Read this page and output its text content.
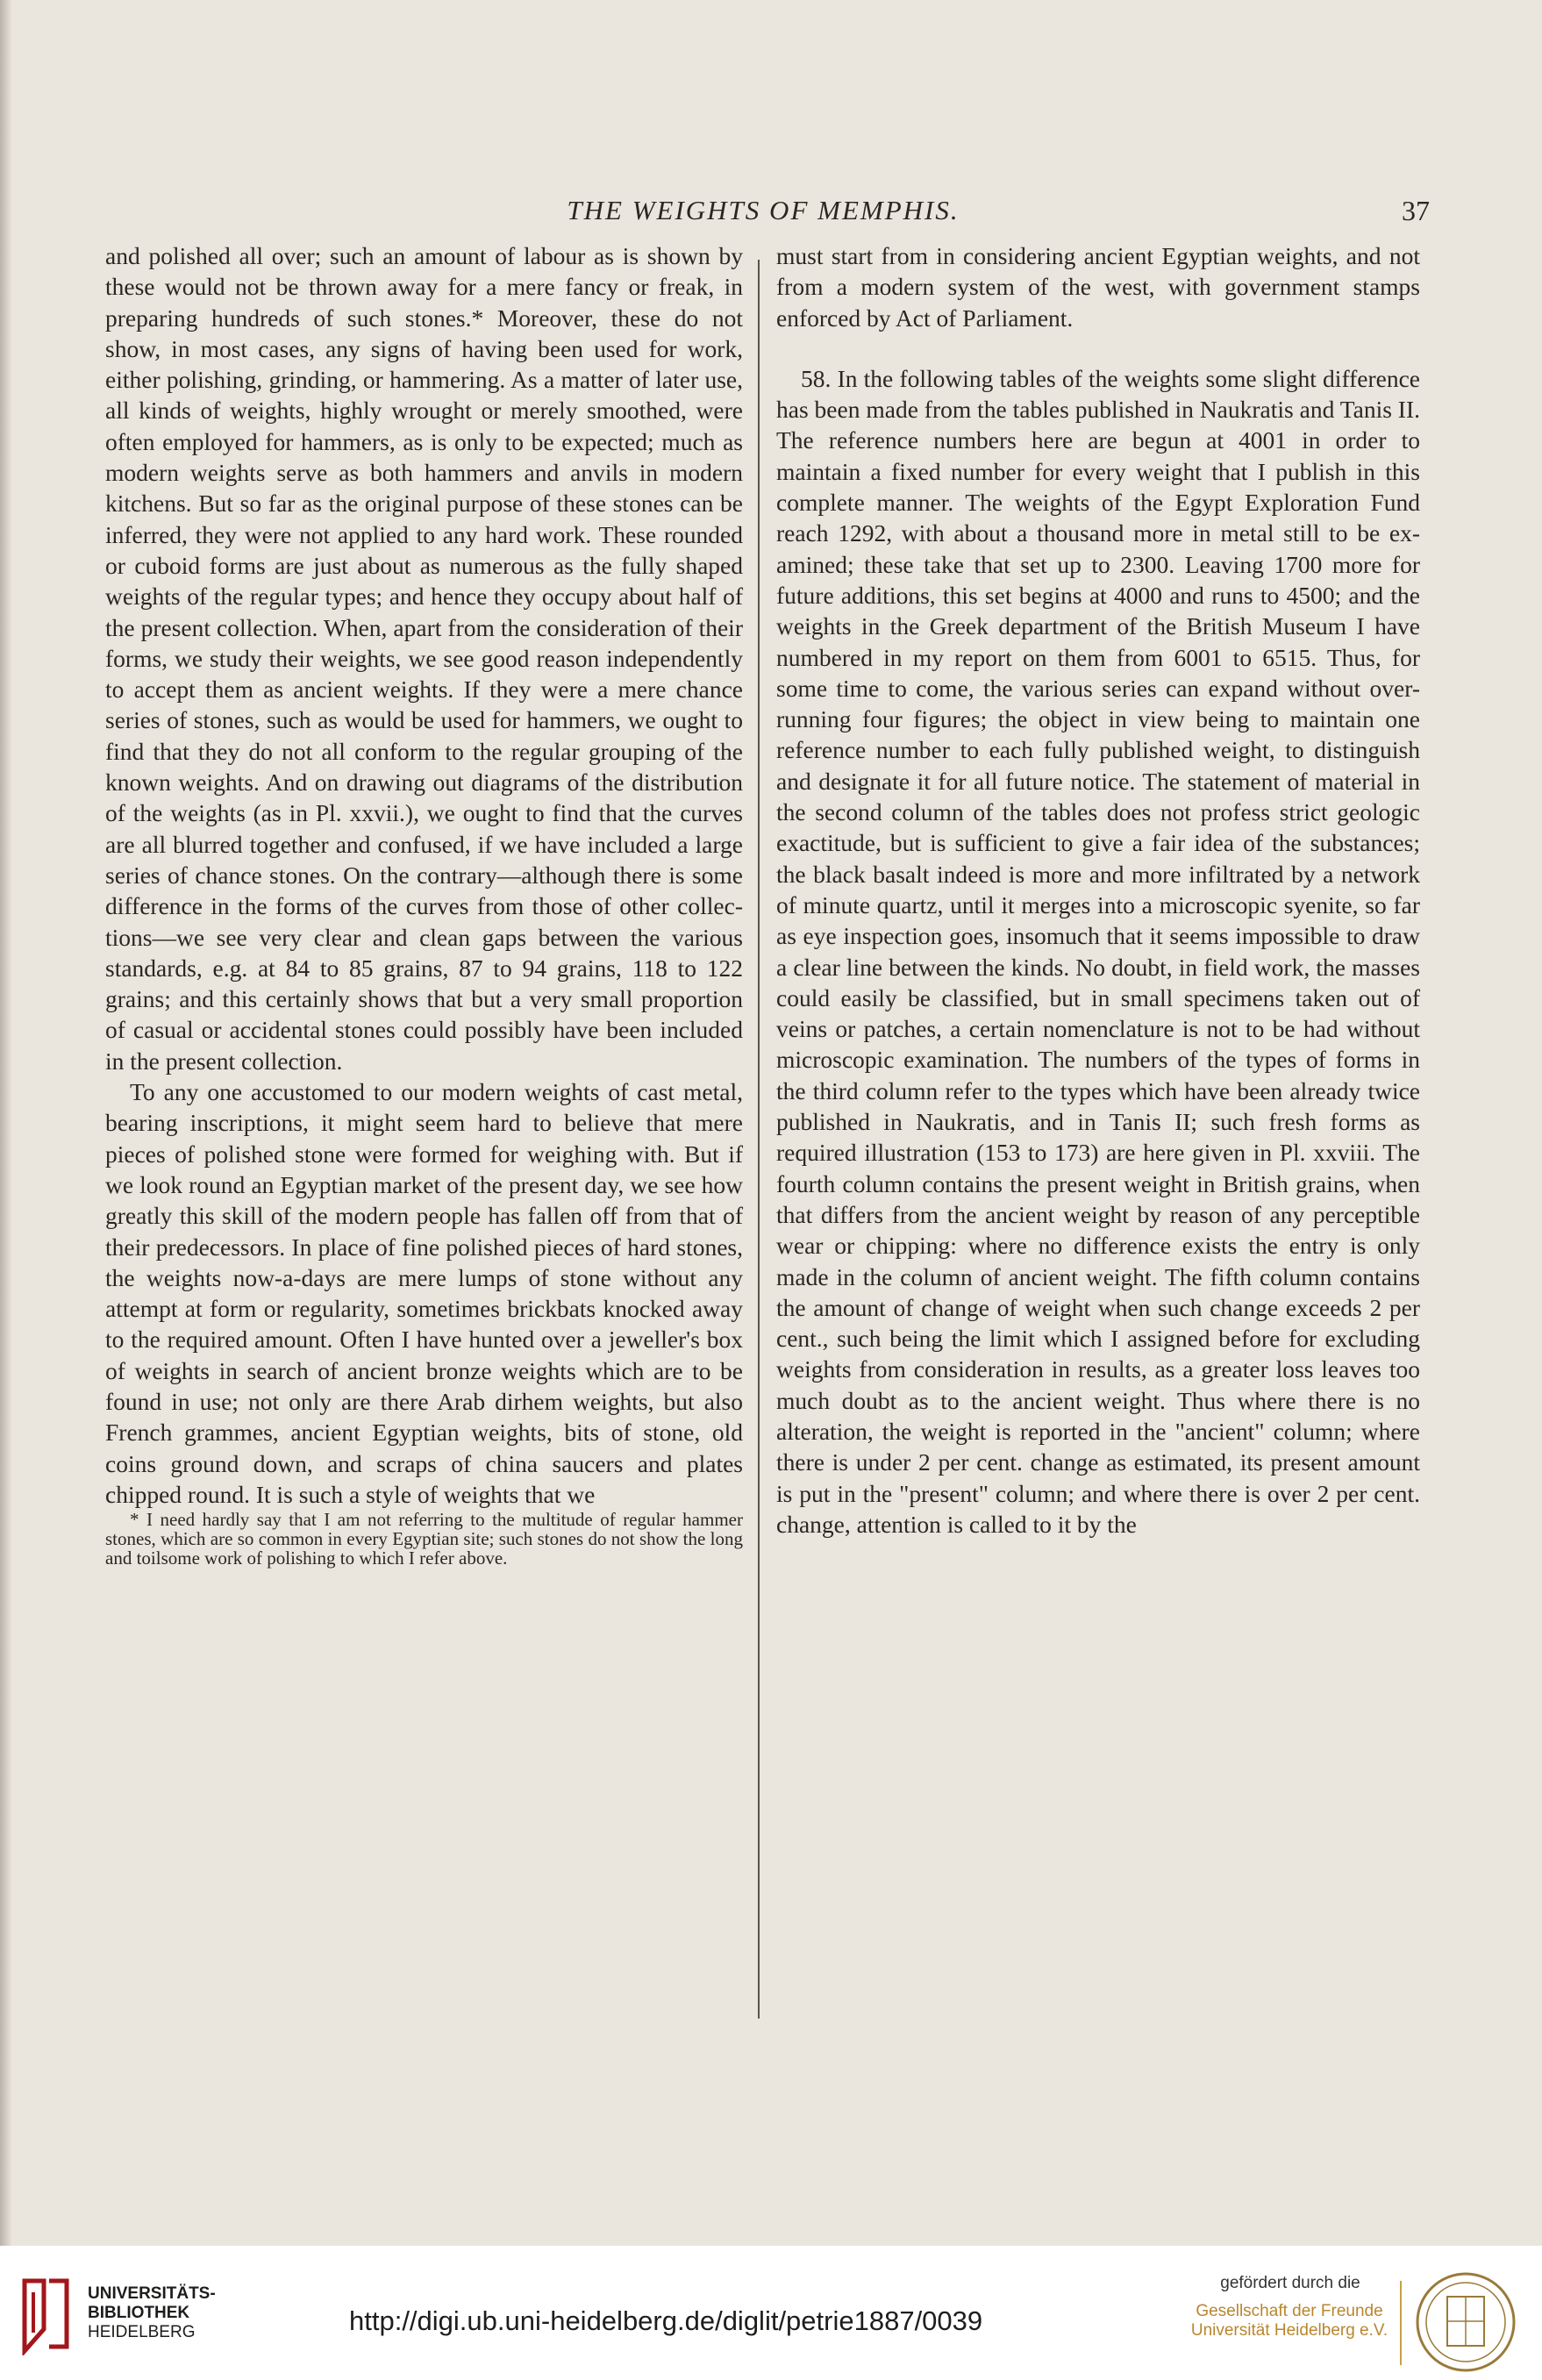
THE WEIGHTS OF MEMPHIS.	37

and polished all over; such an amount of labour as is shown by these would not be thrown away for a mere fancy or freak, in preparing hundreds of such stones.* Moreover, these do not show, in most cases, any signs of having been used for work, either polishing, grinding, or hammering. As a matter of later use, all kinds of weights, highly wrought or merely smoothed, were often employed for hammers, as is only to be expected; much as modern weights serve as both hammers and anvils in modern kitchens. But so far as the original purpose of these stones can be inferred, they were not applied to any hard work. These rounded or cuboid forms are just about as numerous as the fully shaped weights of the regular types; and hence they occupy about half of the present collection. When, apart from the consideration of their forms, we study their weights, we see good reason independently to accept them as ancient weights. If they were a mere chance series of stones, such as would be used for hammers, we ought to find that they do not all conform to the regular grouping of the known weights. And on drawing out diagrams of the distribution of the weights (as in Pl. xxvii.), we ought to find that the curves are all blurred together and confused, if we have included a large series of chance stones. On the contrary—although there is some difference in the forms of the curves from those of other collections—we see very clear and clean gaps between the various standards, e.g. at 84 to 85 grains, 87 to 94 grains, 118 to 122 grains; and this certainly shows that but a very small proportion of casual or accidental stones could possibly have been included in the present collection.

To any one accustomed to our modern weights of cast metal, bearing inscriptions, it might seem hard to believe that mere pieces of polished stone were formed for weighing with. But if we look round an Egyptian market of the present day, we see how greatly this skill of the modern people has fallen off from that of their predecessors. In place of fine polished pieces of hard stones, the weights now-a-days are mere lumps of stone without any attempt at form or regularity, sometimes brickbats knocked away to the required amount. Often I have hunted over a jeweller's box of weights in search of ancient bronze weights which are to be found in use; not only are there Arab dirhem weights, but also French grammes, ancient Egyptian weights, bits of stone, old coins ground down, and scraps of china saucers and plates chipped round. It is such a style of weights that we

* I need hardly say that I am not referring to the multitude of regular hammer stones, which are so common in every Egyptian site; such stones do not show the long and toilsome work of polishing to which I refer above.

must start from in considering ancient Egyptian weights, and not from a modern system of the west, with government stamps enforced by Act of Parliament.

58. In the following tables of the weights some slight difference has been made from the tables published in Naukratis and Tanis II. The reference numbers here are begun at 4001 in order to maintain a fixed number for every weight that I publish in this complete manner. The weights of the Egypt Exploration Fund reach 1292, with about a thousand more in metal still to be examined; these take that set up to 2300. Leaving 1700 more for future additions, this set begins at 4000 and runs to 4500; and the weights in the Greek department of the British Museum I have numbered in my report on them from 6001 to 6515. Thus, for some time to come, the various series can expand without over-running four figures; the object in view being to maintain one reference number to each fully published weight, to distinguish and designate it for all future notice. The statement of material in the second column of the tables does not profess strict geologic exactitude, but is sufficient to give a fair idea of the substances; the black basalt indeed is more and more infiltrated by a network of minute quartz, until it merges into a microscopic syenite, so far as eye inspection goes, insomuch that it seems impossible to draw a clear line between the kinds. No doubt, in field work, the masses could easily be classified, but in small specimens taken out of veins or patches, a certain nomenclature is not to be had without microscopic examination. The numbers of the types of forms in the third column refer to the types which have been already twice published in Naukratis, and in Tanis II; such fresh forms as required illustration (153 to 173) are here given in Pl. xxviii. The fourth column contains the present weight in British grains, when that differs from the ancient weight by reason of any perceptible wear or chipping: where no difference exists the entry is only made in the column of ancient weight. The fifth column contains the amount of change of weight when such change exceeds 2 per cent., such being the limit which I assigned before for excluding weights from consideration in results, as a greater loss leaves too much doubt as to the ancient weight. Thus where there is no alteration, the weight is reported in the "ancient" column; where there is under 2 per cent. change as estimated, its present amount is put in the "present" column; and where there is over 2 per cent. change, attention is called to it by the

UNIVERSITÄTS-
BIBLIOTHEK
HEIDELBERG	http://digi.ub.uni-heidelberg.de/diglit/petrie1887/0039
gefördert durch die
Gesellschaft der Freunde
Universität Heidelberg e.V.
